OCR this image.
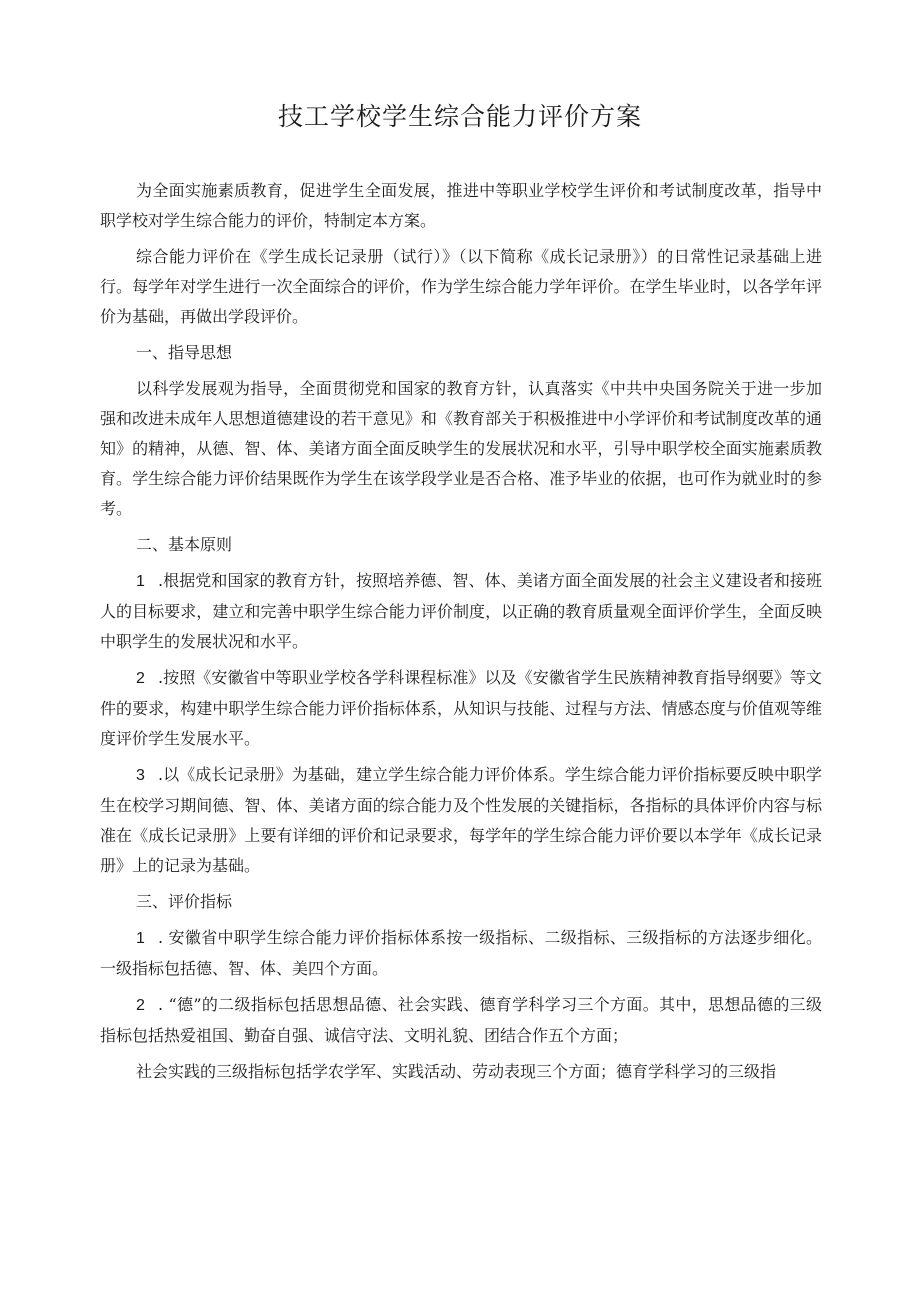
技工学校学生综合能力评价方案

为全面实施素质教育，促进学生全面发展，推进中等职业学校学生评价和考试制度改革，指导中职学校对学生综合能力的评价，特制定本方案。

综合能力评价在《学生成长记录册（试行）》（以下简称《成长记录册》）的日常性记录基础上进行。每学年对学生进行一次全面综合的评价，作为学生综合能力学年评价。在学生毕业时，以各学年评价为基础，再做出学段评价。

一、指导思想

以科学发展观为指导，全面贯彻党和国家的教育方针，认真落实《中共中央国务院关于进一步加强和改进未成年人思想道德建设的若干意见》和《教育部关于积极推进中小学评价和考试制度改革的通知》的精神，从德、智、体、美诸方面全面反映学生的发展状况和水平，引导中职学校全面实施素质教育。学生综合能力评价结果既作为学生在该学段学业是否合格、准予毕业的依据，也可作为就业时的参考。

二、基本原则

1 .根据党和国家的教育方针，按照培养德、智、体、美诸方面全面发展的社会主义建设者和接班人的目标要求，建立和完善中职学生综合能力评价制度，以正确的教育质量观全面评价学生，全面反映中职学生的发展状况和水平。

2 .按照《安徽省中等职业学校各学科课程标准》以及《安徽省学生民族精神教育指导纲要》等文件的要求，构建中职学生综合能力评价指标体系，从知识与技能、过程与方法、情感态度与价值观等维度评价学生发展水平。

3 .以《成长记录册》为基础，建立学生综合能力评价体系。学生综合能力评价指标要反映中职学生在校学习期间德、智、体、美诸方面的综合能力及个性发展的关键指标，各指标的具体评价内容与标准在《成长记录册》上要有详细的评价和记录要求，每学年的学生综合能力评价要以本学年《成长记录册》上的记录为基础。

三、评价指标

1 . 安徽省中职学生综合能力评价指标体系按一级指标、二级指标、三级指标的方法逐步细化。一级指标包括德、智、体、美四个方面。

2 . “德”的二级指标包括思想品德、社会实践、德育学科学习三个方面。其中，思想品德的三级指标包括热爱祖国、勤奋自强、诚信守法、文明礼貌、团结合作五个方面；

社会实践的三级指标包括学农学军、实践活动、劳动表现三个方面；德育学科学习的三级指
